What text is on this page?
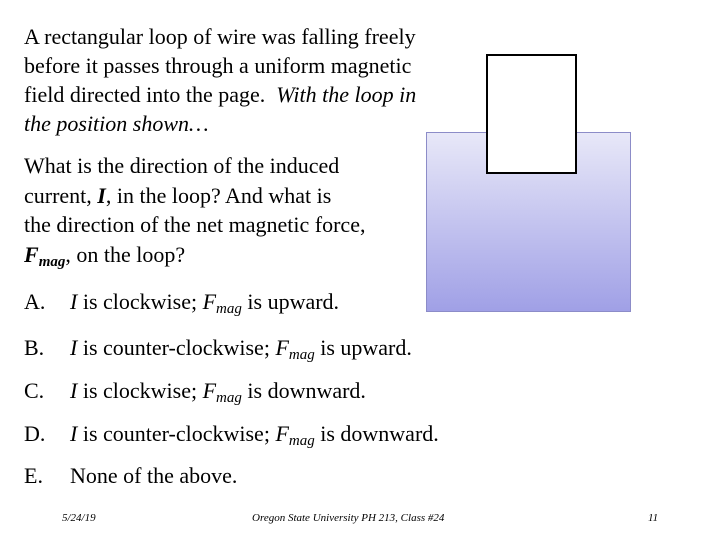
A rectangular loop of wire was falling freely
before it passes through a uniform magnetic
field directed into the page.  With the loop in
the position shown…
What is the direction of the induced
current, I, in the loop? And what is
the direction of the net magnetic force,
$F_{mag}$, on the loop?
A. I is clockwise; $F_{mag}$ is upward.
B. I is counter-clockwise; $F_{mag}$ is upward.
C. I is clockwise; $F_{mag}$ is downward.
D. I is counter-clockwise; $F_{mag}$ is downward.
E. None of the above.
5/24/19	Oregon State University PH 213, Class #24	11
